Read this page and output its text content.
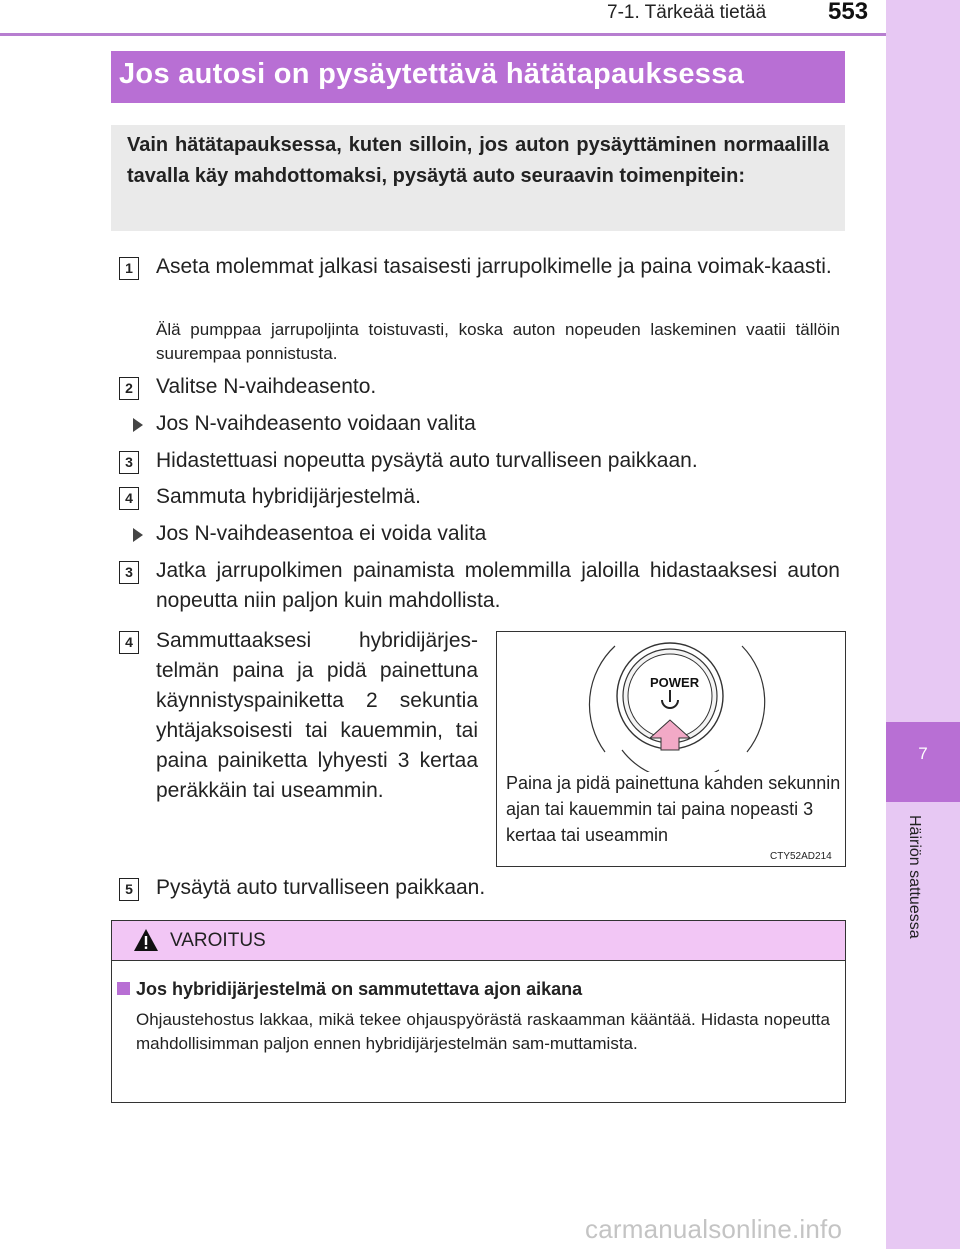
7-1. Tärkeää tietää	553
7
Häiriön sattuessa
Jos autosi on pysäytettävä hätätapauksessa
Vain hätätapauksessa, kuten silloin, jos auton pysäyttäminen normaalilla tavalla käy mahdottomaksi, pysäytä auto seuraavin toimenpitein:
1 Aseta molemmat jalkasi tasaisesti jarrupolkimelle ja paina voimak-kaasti.
Älä pumppaa jarrupoljinta toistuvasti, koska auton nopeuden laskeminen vaatii tällöin suurempaa ponnistusta.
2 Valitse N-vaihdeasento.
Jos N-vaihdeasento voidaan valita
3 Hidastettuasi nopeutta pysäytä auto turvalliseen paikkaan.
4 Sammuta hybridijärjestelmä.
Jos N-vaihdeasentoa ei voida valita
3 Jatka jarrupolkimen painamista molemmilla jaloilla hidastaaksesi auton nopeutta niin paljon kuin mahdollista.
4 Sammuttaaksesi hybridijärjes-telmän paina ja pidä painettuna käynnistyspainiketta 2 sekuntia yhtäjaksoisesti tai kauemmin, tai paina painiketta lyhyesti 3 kertaa peräkkäin tai useammin.
POWER
Paina ja pidä painettuna kahden sekunnin ajan tai kauemmin tai paina nopeasti 3 kertaa tai useammin
CTY52AD214
5 Pysäytä auto turvalliseen paikkaan.
VAROITUS
Jos hybridijärjestelmä on sammutettava ajon aikana
Ohjaustehostus lakkaa, mikä tekee ohjauspyörästä raskaamman kääntää. Hidasta nopeutta mahdollisimman paljon ennen hybridijärjestelmän sam-muttamista.
carmanualsonline.info
